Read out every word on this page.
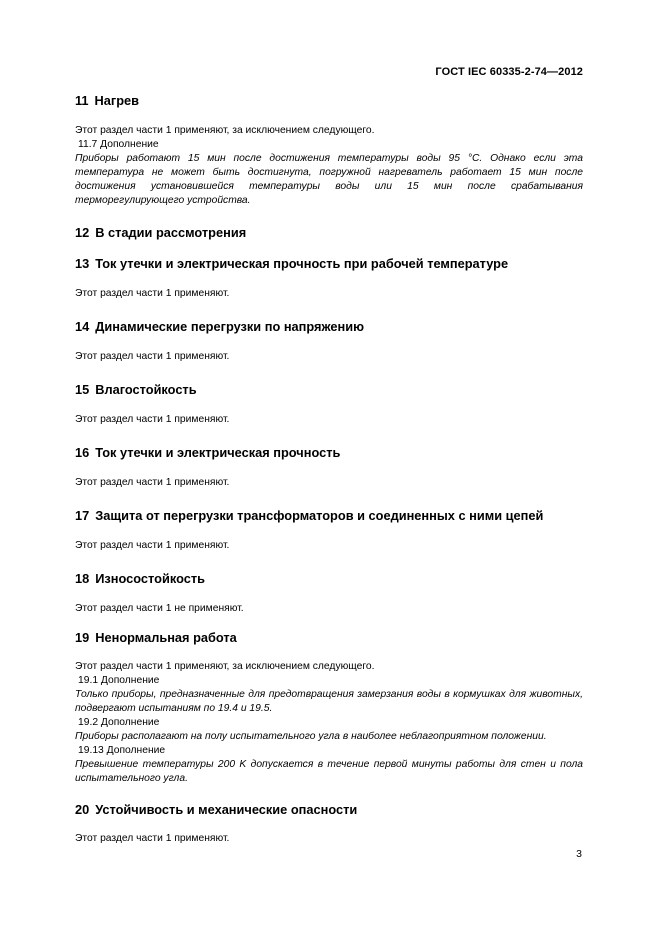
ГОСТ IEC 60335-2-74—2012

11 Нагрев

Этот раздел части 1 применяют, за исключением следующего.

11.7 Дополнение

Приборы работают 15 мин после достижения температуры воды 95 °C. Однако если эта температура не может быть достигнута, погружной нагреватель работает 15 мин после достижения установившейся температуры воды или 15 мин после срабатывания терморегулирующего устройства.

12 В стадии рассмотрения

13 Ток утечки и электрическая прочность при рабочей температуре

Этот раздел части 1 применяют.

14 Динамические перегрузки по напряжению

Этот раздел части 1 применяют.

15 Влагостойкость

Этот раздел части 1 применяют.

16 Ток утечки и электрическая прочность

Этот раздел части 1 применяют.

17 Защита от перегрузки трансформаторов и соединенных с ними цепей

Этот раздел части 1 применяют.

18 Износостойкость

Этот раздел части 1 не применяют.

19 Ненормальная работа

Этот раздел части 1 применяют, за исключением следующего.

19.1 Дополнение

Только приборы, предназначенные для предотвращения замерзания воды в кормушках для животных, подвергают испытаниям по 19.4 и 19.5.

19.2 Дополнение

Приборы располагают на полу испытательного угла в наиболее неблагоприятном положении.

19.13 Дополнение

Превышение температуры 200 K допускается в течение первой минуты работы для стен и пола испытательного угла.

20 Устойчивость и механические опасности

Этот раздел части 1 применяют.

3
